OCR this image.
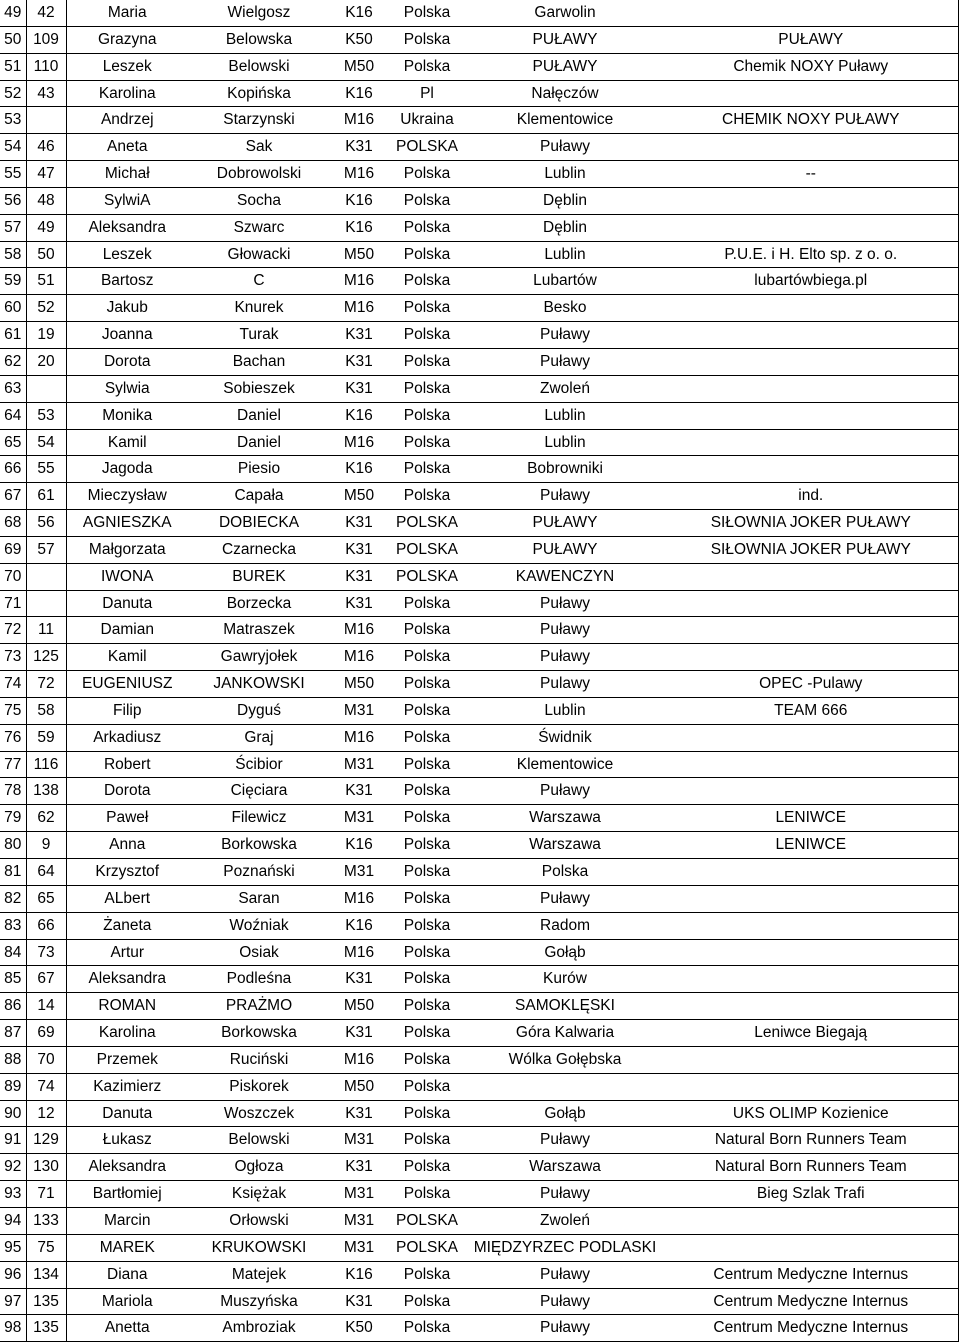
49	42	Maria	Wielgosz	K16	Polska	Garwolin	
50	109	Grazyna	Belowska	K50	Polska	PUŁAWY	PUŁAWY
51	110	Leszek	Belowski	M50	Polska	PUŁAWY	Chemik NOXY Puławy
52	43	Karolina	Kopińska	K16	Pl	Nałęczów	
53		Andrzej	Starzynski	M16	Ukraina	Klementowice	CHEMIK NOXY PUŁAWY
54	46	Aneta	Sak	K31	POLSKA	Puławy	
55	47	Michał	Dobrowolski	M16	Polska	Lublin	--
56	48	SylwiA	Socha	K16	Polska	Dęblin	
57	49	Aleksandra	Szwarc	K16	Polska	Dęblin	
58	50	Leszek	Głowacki	M50	Polska	Lublin	P.U.E. i H. Elto sp. z o. o.
59	51	Bartosz	C	M16	Polska	Lubartów	lubartówbiega.pl
60	52	Jakub	Knurek	M16	Polska	Besko	
61	19	Joanna	Turak	K31	Polska	Puławy	
62	20	Dorota	Bachan	K31	Polska	Puławy	
63		Sylwia	Sobieszek	K31	Polska	Zwoleń	
64	53	Monika	Daniel	K16	Polska	Lublin	
65	54	Kamil	Daniel	M16	Polska	Lublin	
66	55	Jagoda	Piesio	K16	Polska	Bobrowniki	
67	61	Mieczysław	Capała	M50	Polska	Puławy	ind.
68	56	AGNIESZKA	DOBIECKA	K31	POLSKA	PUŁAWY	SIŁOWNIA JOKER PUŁAWY
69	57	Małgorzata	Czarnecka	K31	POLSKA	PUŁAWY	SIŁOWNIA JOKER PUŁAWY
70		IWONA	BUREK	K31	POLSKA	KAWENCZYN	
71		Danuta	Borzecka	K31	Polska	Puławy	
72	11	Damian	Matraszek	M16	Polska	Puławy	
73	125	Kamil	Gawryjołek	M16	Polska	Puławy	
74	72	EUGENIUSZ	JANKOWSKI	M50	Polska	Pulawy	OPEC -Pulawy
75	58	Filip	Dyguś	M31	Polska	Lublin	TEAM 666
76	59	Arkadiusz	Graj	M16	Polska	Świdnik	
77	116	Robert	Ścibior	M31	Polska	Klementowice	
78	138	Dorota	Cięciara	K31	Polska	Puławy	
79	62	Paweł	Filewicz	M31	Polska	Warszawa	LENIWCE
80	9	Anna	Borkowska	K16	Polska	Warszawa	LENIWCE
81	64	Krzysztof	Poznański	M31	Polska	Polska	
82	65	ALbert	Saran	M16	Polska	Puławy	
83	66	Żaneta	Woźniak	K16	Polska	Radom	
84	73	Artur	Osiak	M16	Polska	Gołąb	
85	67	Aleksandra	Podleśna	K31	Polska	Kurów	
86	14	ROMAN	PRAŻMO	M50	Polska	SAMOKLĘSKI	
87	69	Karolina	Borkowska	K31	Polska	Góra Kalwaria	Leniwce Biegają
88	70	Przemek	Ruciński	M16	Polska	Wólka Gołębska	
89	74	Kazimierz	Piskorek	M50	Polska		
90	12	Danuta	Woszczek	K31	Polska	Gołąb	UKS OLIMP Kozienice
91	129	Łukasz	Belowski	M31	Polska	Puławy	Natural Born Runners Team
92	130	Aleksandra	Ogłoza	K31	Polska	Warszawa	Natural Born Runners Team
93	71	Bartłomiej	Księżak	M31	Polska	Puławy	Bieg Szlak Trafi
94	133	Marcin	Orłowski	M31	POLSKA	Zwoleń	
95	75	MAREK	KRUKOWSKI	M31	POLSKA	MIĘDZYRZEC PODLASKI	
96	134	Diana	Matejek	K16	Polska	Puławy	Centrum Medyczne Internus
97	135	Mariola	Muszyńska	K31	Polska	Puławy	Centrum Medyczne Internus
98	135	Anetta	Ambroziak	K50	Polska	Puławy	Centrum Medyczne Internus
